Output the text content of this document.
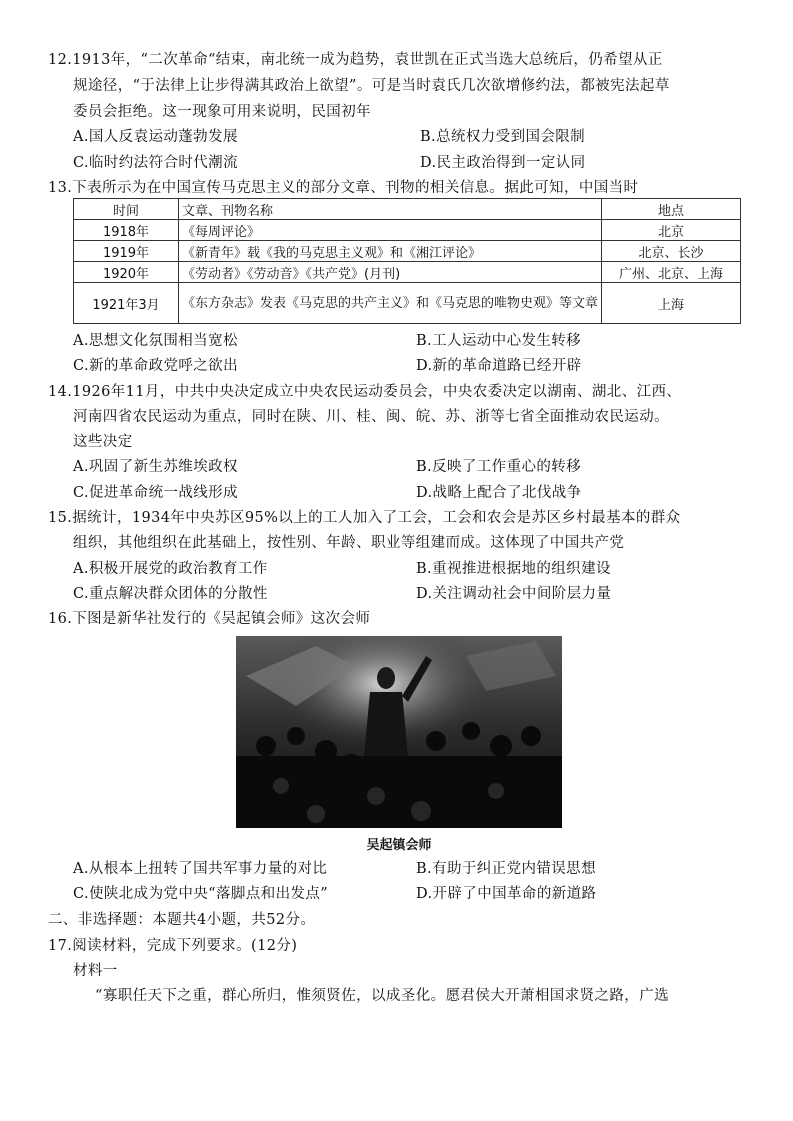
12.1913年，“二次革命“结束，南北统一成为趋势，袁世凯在正式当选大总统后，仍希望从正
规途径，“于法律上让步得满其政治上欲望”。可是当时袁氏几次欲增修约法，都被宪法起草
委员会拒绝。这一现象可用来说明，民国初年
A.国人反袁运动蓬勃发展	B.总统权力受到国会限制
C.临时约法符合时代潮流	D.民主政治得到一定认同
13.下表所示为在中国宣传马克思主义的部分文章、刊物的相关信息。据此可知，中国当时
时间	文章、刊物名称	地点
1918年	《每周评论》	北京
1919年	《新青年》载《我的马克思主义观》和《湘江评论》	北京、长沙
1920年	《劳动者》《劳动音》《共产党》(月刊)	广州、北京、上海
1921年3月	《东方杂志》发表《马克思的共产主义》和《马克思的唯物史观》等文章	上海
A.思想文化氛围相当宽松	B.工人运动中心发生转移
C.新的革命政党呼之欲出	D.新的革命道路已经开辟
14.1926年11月，中共中央决定成立中央农民运动委员会，中央农委决定以湖南、湖北、江西、
河南四省农民运动为重点，同时在陕、川、桂、闽、皖、苏、浙等七省全面推动农民运动。
这些决定
A.巩固了新生苏维埃政权	B.反映了工作重心的转移
C.促进革命统一战线形成	D.战略上配合了北伐战争
15.据统计，1934年中央苏区95%以上的工人加入了工会，工会和农会是苏区乡村最基本的群众
组织，其他组织在此基础上，按性别、年龄、职业等组建而成。这体现了中国共产党
A.积极开展党的政治教育工作	B.重视推进根据地的组织建设
C.重点解决群众团体的分散性	D.关注调动社会中间阶层力量
16.下图是新华社发行的《吴起镇会师》这次会师
吴起镇会师
A.从根本上扭转了国共军事力量的对比	B.有助于纠正党内错误思想
C.使陕北成为党中央“落脚点和出发点”	D.开辟了中国革命的新道路
二、非选择题：本题共4小题，共52分。
17.阅读材料，完成下列要求。(12分)
材料一
“寡职任天下之重，群心所归，惟须贤佐，以成圣化。愿君侯大开萧相国求贤之路，广选
